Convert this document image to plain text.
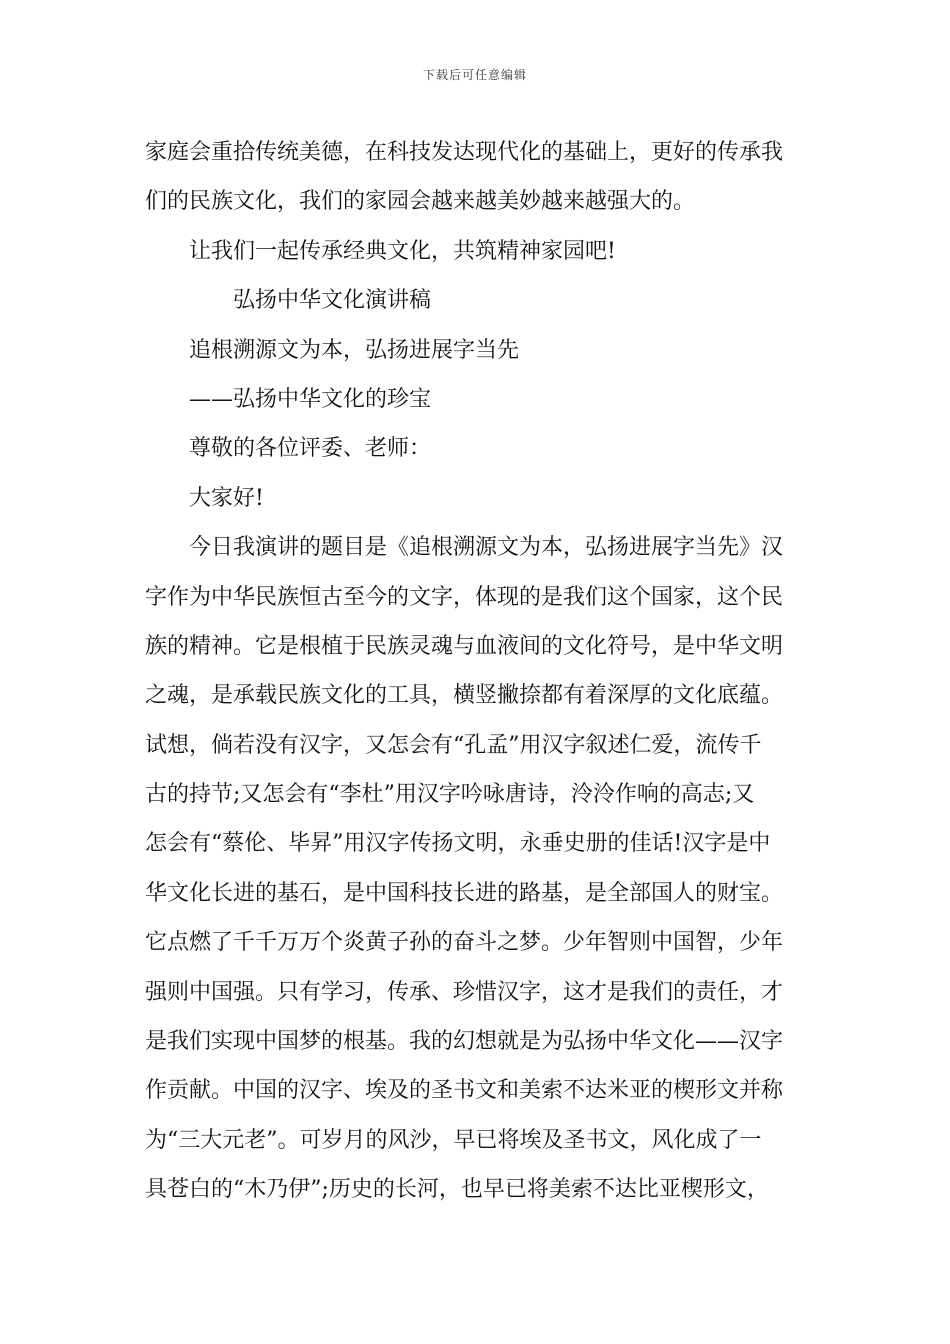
下载后可任意编辑
家庭会重拾传统美德，在科技发达现代化的基础上，更好的传承我
们的民族文化，我们的家园会越来越美妙越来越强大的。
让我们一起传承经典文化，共筑精神家园吧!
弘扬中华文化演讲稿
追根溯源文为本，弘扬进展字当先
——弘扬中华文化的珍宝
尊敬的各位评委、老师：
大家好!
今日我演讲的题目是《追根溯源文为本，弘扬进展字当先》汉
字作为中华民族恒古至今的文字，体现的是我们这个国家，这个民
族的精神。它是根植于民族灵魂与血液间的文化符号，是中华文明
之魂，是承载民族文化的工具，横竖撇捺都有着深厚的文化底蕴。
试想，倘若没有汉字，又怎会有“孔孟”用汉字叙述仁爱，流传千
古的持节;又怎会有“李杜”用汉字吟咏唐诗，泠泠作响的高志;又
怎会有“蔡伦、毕昇”用汉字传扬文明，永垂史册的佳话!汉字是中
华文化长进的基石，是中国科技长进的路基，是全部国人的财宝。
它点燃了千千万万个炎黄子孙的奋斗之梦。少年智则中国智，少年
强则中国强。只有学习，传承、珍惜汉字，这才是我们的责任，才
是我们实现中国梦的根基。我的幻想就是为弘扬中华文化——汉字
作贡献。中国的汉字、埃及的圣书文和美索不达米亚的楔形文并称
为“三大元老”。可岁月的风沙，早已将埃及圣书文，风化成了一
具苍白的“木乃伊”;历史的长河，也早已将美索不达比亚楔形文，
